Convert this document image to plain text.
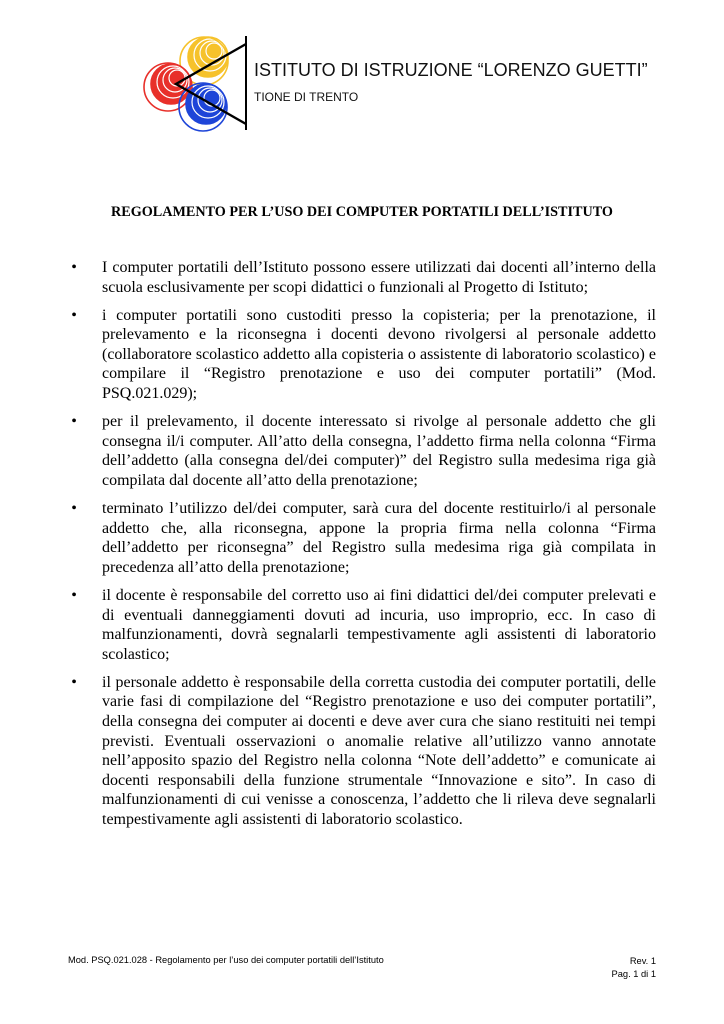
ISTITUTO DI ISTRUZIONE “LORENZO GUETTI”
TIONE DI TRENTO
REGOLAMENTO PER L’USO DEI COMPUTER PORTATILI DELL’ISTITUTO
• I computer portatili dell’Istituto possono essere utilizzati dai docenti all’interno della scuola esclusivamente per scopi didattici o funzionali al Progetto di Istituto;
• i computer portatili sono custoditi presso la copisteria; per la prenotazione, il prelevamento e la riconsegna i docenti devono rivolgersi al personale addetto (collaboratore scolastico addetto alla copisteria o assistente di laboratorio scolastico) e compilare il “Registro prenotazione e uso dei computer portatili” (Mod. PSQ.021.029);
• per il prelevamento, il docente interessato si rivolge al personale addetto che gli consegna il/i computer. All’atto della consegna, l’addetto firma nella colonna “Firma dell’addetto (alla consegna del/dei computer)” del Registro sulla medesima riga già compilata dal docente all’atto della prenotazione;
• terminato l’utilizzo del/dei computer, sarà cura del docente restituirlo/i al personale addetto che, alla riconsegna, appone la propria firma nella colonna “Firma dell’addetto per riconsegna” del Registro sulla medesima riga già compilata in precedenza all’atto della prenotazione;
• il docente è responsabile del corretto uso ai fini didattici del/dei computer prelevati e di eventuali danneggiamenti dovuti ad incuria, uso improprio, ecc. In caso di malfunzionamenti, dovrà segnalarli tempestivamente agli assistenti di laboratorio scolastico;
• il personale addetto è responsabile della corretta custodia dei computer portatili, delle varie fasi di compilazione del “Registro prenotazione e uso dei computer portatili”, della consegna dei computer ai docenti e deve aver cura che siano restituiti nei tempi previsti. Eventuali osservazioni o anomalie relative all’utilizzo vanno annotate nell’apposito spazio del Registro nella colonna “Note dell’addetto” e comunicate ai docenti responsabili della funzione strumentale “Innovazione e sito”. In caso di malfunzionamenti di cui venisse a conoscenza, l’addetto che li rileva deve segnalarli tempestivamente agli assistenti di laboratorio scolastico.
Mod. PSQ.021.028 - Regolamento per l’uso dei computer portatili dell’Istituto	Rev. 1
Pag. 1 di 1
